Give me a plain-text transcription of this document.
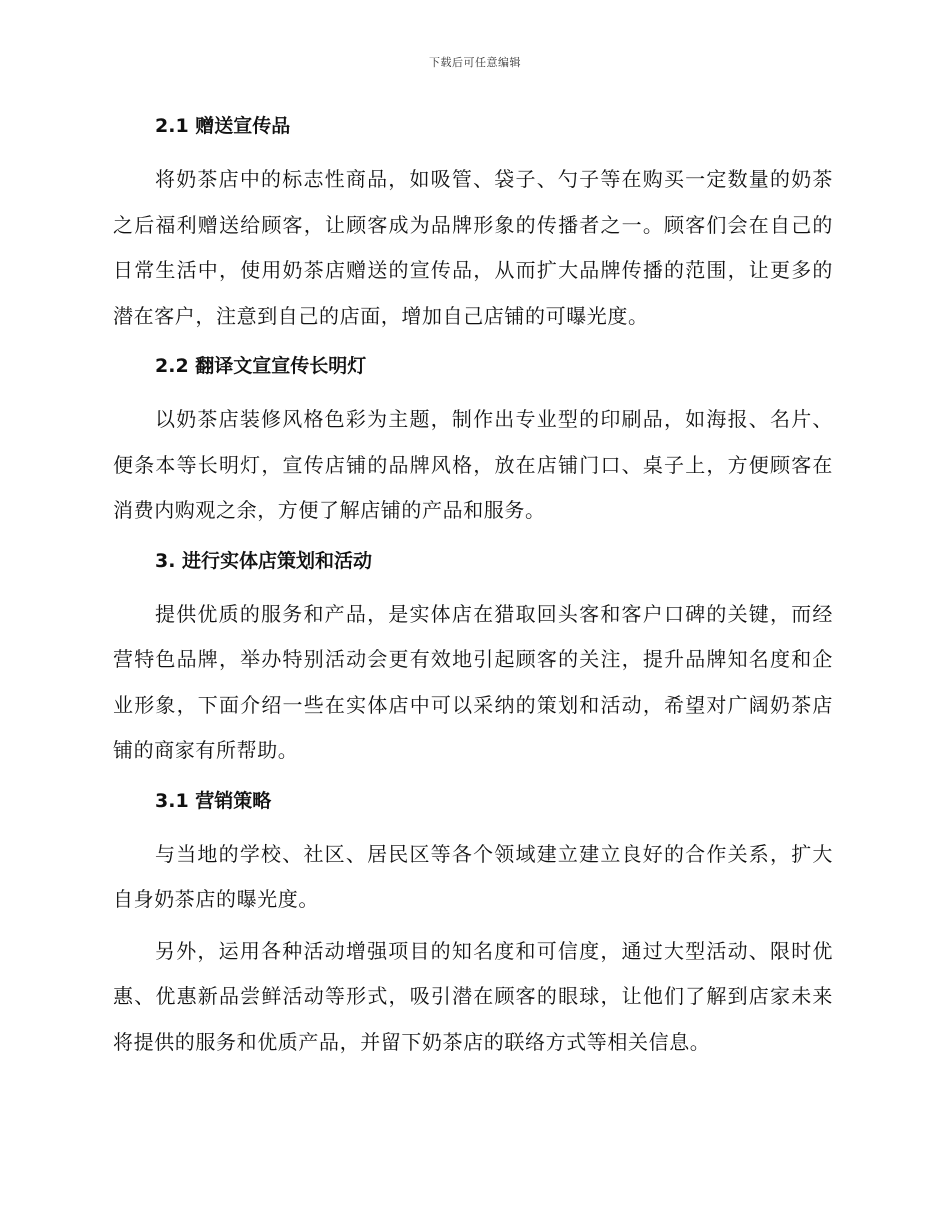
下载后可任意编辑
2.1 赠送宣传品

将奶茶店中的标志性商品，如吸管、袋子、勺子等在购买一定数量的奶茶之后福利赠送给顾客，让顾客成为品牌形象的传播者之一。顾客们会在自己的日常生活中，使用奶茶店赠送的宣传品，从而扩大品牌传播的范围，让更多的潜在客户，注意到自己的店面，增加自己店铺的可曝光度。

2.2 翻译文宣宣传长明灯

以奶茶店装修风格色彩为主题，制作出专业型的印刷品，如海报、名片、便条本等长明灯，宣传店铺的品牌风格，放在店铺门口、桌子上，方便顾客在消费内购观之余，方便了解店铺的产品和服务。

3. 进行实体店策划和活动

提供优质的服务和产品，是实体店在猎取回头客和客户口碑的关键，而经营特色品牌，举办特别活动会更有效地引起顾客的关注，提升品牌知名度和企业形象，下面介绍一些在实体店中可以采纳的策划和活动，希望对广阔奶茶店铺的商家有所帮助。

3.1 营销策略

与当地的学校、社区、居民区等各个领域建立建立良好的合作关系，扩大自身奶茶店的曝光度。

另外，运用各种活动增强项目的知名度和可信度，通过大型活动、限时优惠、优惠新品尝鲜活动等形式，吸引潜在顾客的眼球，让他们了解到店家未来将提供的服务和优质产品，并留下奶茶店的联络方式等相关信息。
